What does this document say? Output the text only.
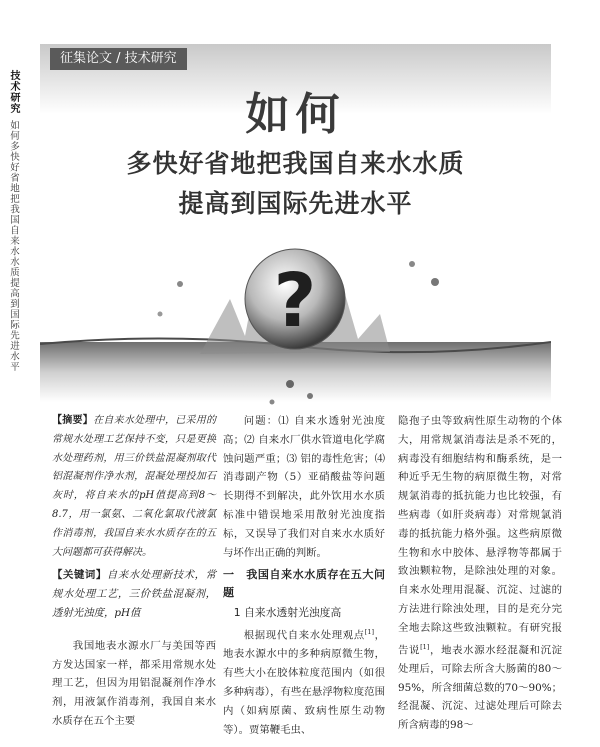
技术研究
如何多快好省地把我国自来水水质提高到国际先进水平
征集论文 / 技术研究
如何
多快好省地把我国自来水水质
提高到国际先进水平
?
【摘要】在自来水处理中，已采用的常规水处理工艺保持不变，只是更换水处理药剂，用三价铁盐混凝剂取代铝混凝剂作净水剂，混凝处理投加石灰时，将自来水的pH值提高到8～8.7，用一氯氨、二氧化氯取代液氯作消毒剂，我国自来水水质存在的五大问题都可获得解决。
【关键词】自来水处理新技术，常规水处理工艺，三价铁盐混凝剂，透射光浊度，pH值

我国地表水源水厂与美国等西方发达国家一样，都采用常规水处理工艺，但因为用铝混凝剂作净水剂，用液氯作消毒剂，我国自来水水质存在五个主要

问题：⑴ 自来水透射光浊度高；⑵ 自来水厂供水管道电化学腐蚀问题严重；⑶ 铝的毒性危害；⑷ 消毒副产物（5）亚硝酸盐等问题长期得不到解决，此外饮用水水质标准中错误地采用散射光浊度指标，又误导了我们对自来水水质好与坏作出正确的判断。

一　我国自来水水质存在五大问题
1 自来水透射光浊度高

根据现代自来水处理观点[1]，地表水源水中的多种病原微生物，有些大小在胶体粒度范围内（如很多种病毒），有些在悬浮物粒度范围内（如病原菌、致病性原生动物等）。贾第鞭毛虫、

隐孢子虫等致病性原生动物的个体大，用常规氯消毒法是杀不死的，病毒没有细胞结构和酶系统，是一种近乎无生物的病原微生物，对常规氯消毒的抵抗能力也比较强，有些病毒（如肝炎病毒）对常规氯消毒的抵抗能力格外强。这些病原微生物和水中胶体、悬浮物等都属于致浊颗粒物，是除浊处理的对象。自来水处理用混凝、沉淀、过滤的方法进行除浊处理，目的是充分完全地去除这些致浊颗粒。有研究报告说[1]，地表水源水经混凝和沉淀处理后，可除去所含大肠菌的80～95%，所含细菌总数的70～90%；经混凝、沉淀、过滤处理后可除去所含病毒的98～
